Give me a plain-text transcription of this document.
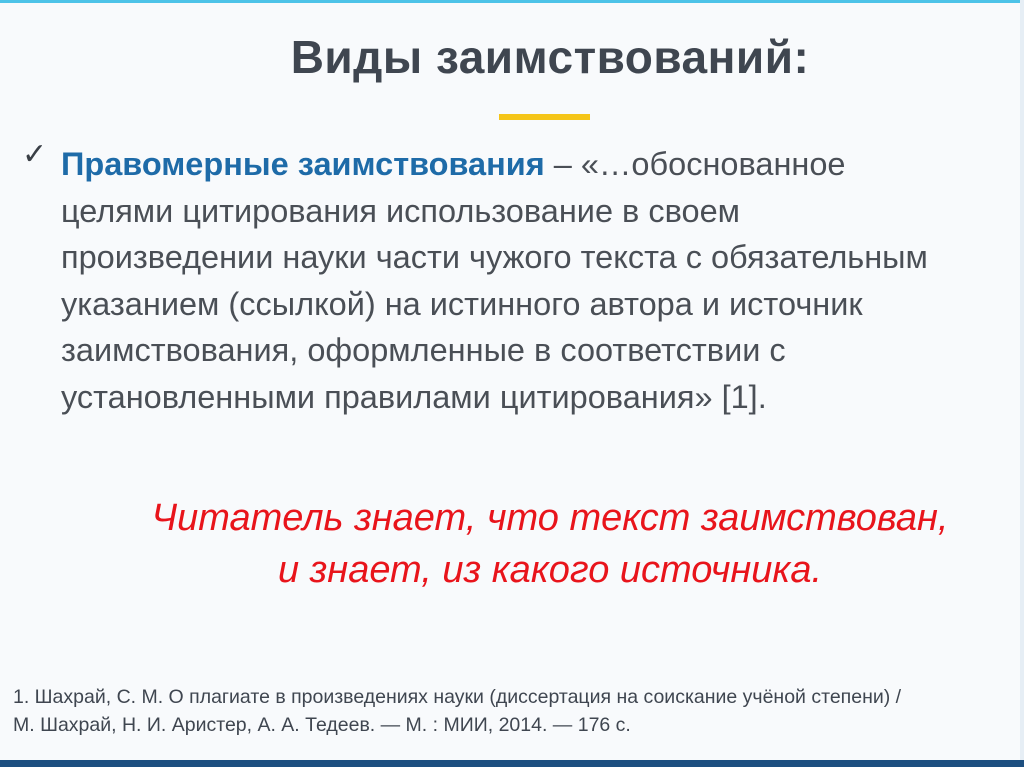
Виды заимствований:
✓ Правомерные заимствования – «…обоснованное
целями цитирования использование в своем
произведении науки части чужого текста с обязательным
указанием (ссылкой) на истинного автора и источник
заимствования, оформленные в соответствии с
установленными правилами цитирования» [1].
Читатель знает, что текст заимствован,
и знает, из какого источника.
1. Шахрай, С. М. О плагиате в произведениях науки (диссертация на соискание учёной степени) /
М. Шахрай, Н. И. Аристер, А. А. Тедеев. — М. : МИИ, 2014. — 176 с.
